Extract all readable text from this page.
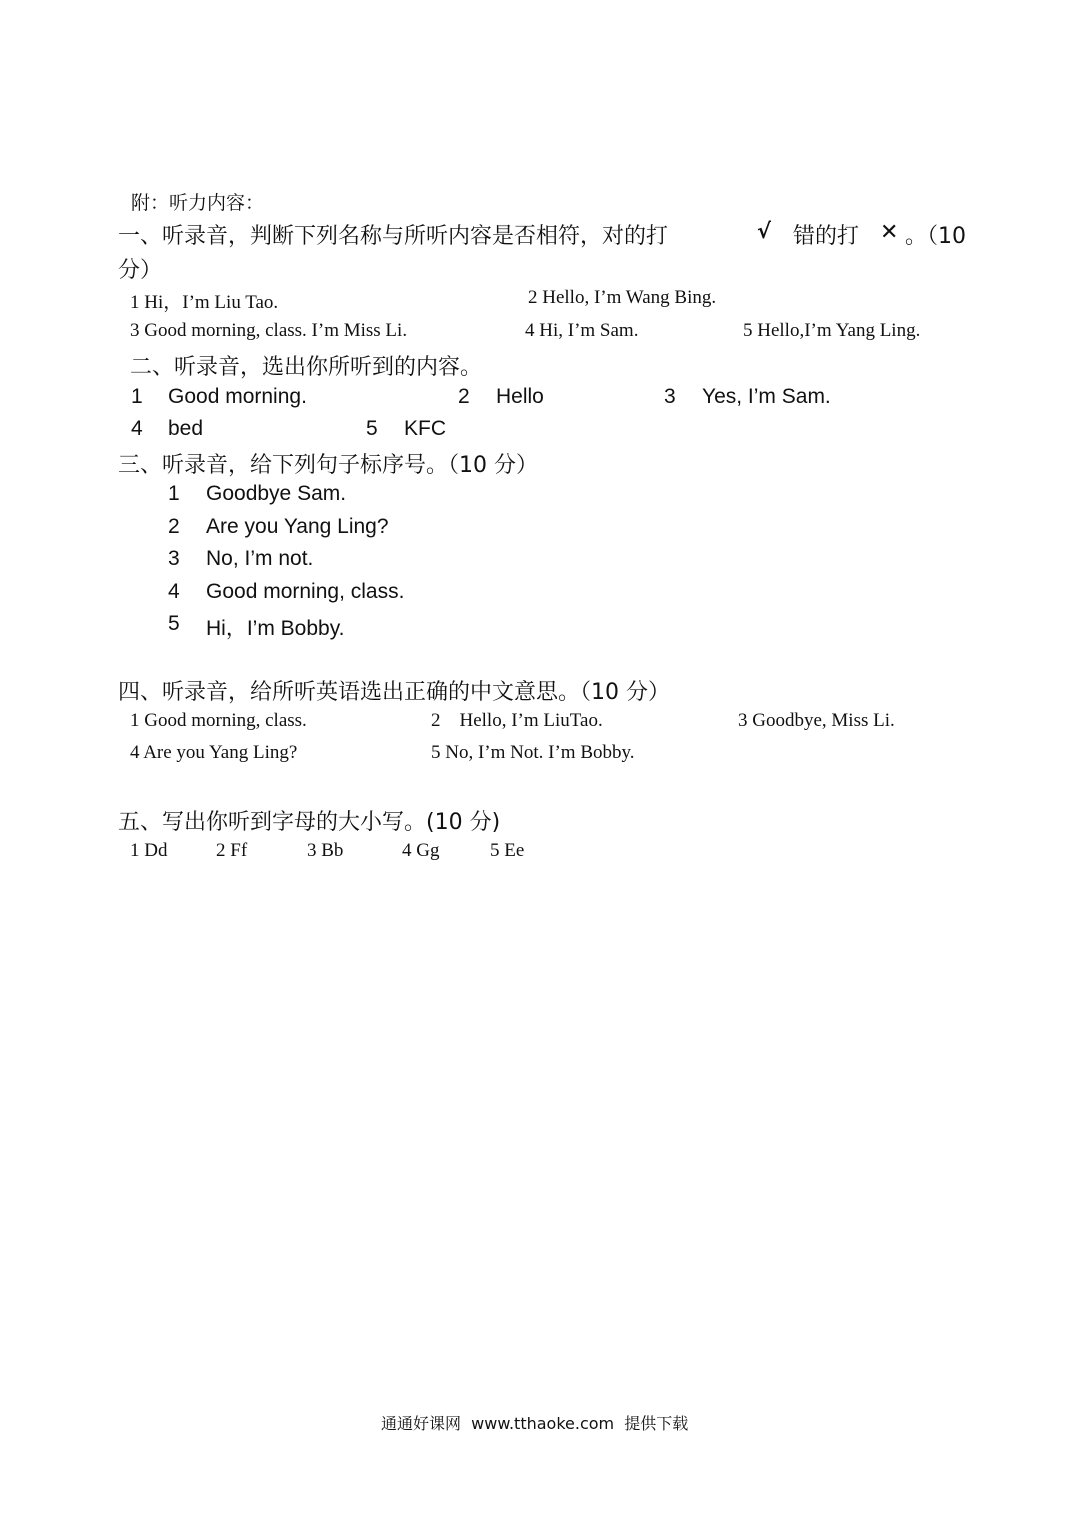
附：听力内容：
一、听录音，判断下列名称与所听内容是否相符，对的打	√ 错的打 ✕ 。（10
分）
1 Hi，I’m Liu Tao.	2 Hello, I’m Wang Bing.
3 Good morning, class. I’m Miss Li.	4 Hi, I’m Sam.	5 Hello,I’m Yang Ling.
二、听录音，选出你所听到的内容。
1 Good morning.	2 Hello	3 Yes, I’m Sam.
4 bed	5 KFC
三、听录音，给下列句子标序号。（10 分）
1 Goodbye Sam.
2 Are you Yang Ling?
3 No, I’m not.
4 Good morning, class.
5 Hi，I’m Bobby.
四、听录音，给所听英语选出正确的中文意思。（10 分）
1 Good morning, class.	2    Hello, I’m LiuTao.	3 Goodbye, Miss Li.
4 Are you Yang Ling?	5 No, I’m Not. I’m Bobby.
五、写出你听到字母的大小写。(10 分)
1 Dd	2 Ff	3 Bb	4 Gg	5 Ee
通通好课网  www.tthaoke.com  提供下载
